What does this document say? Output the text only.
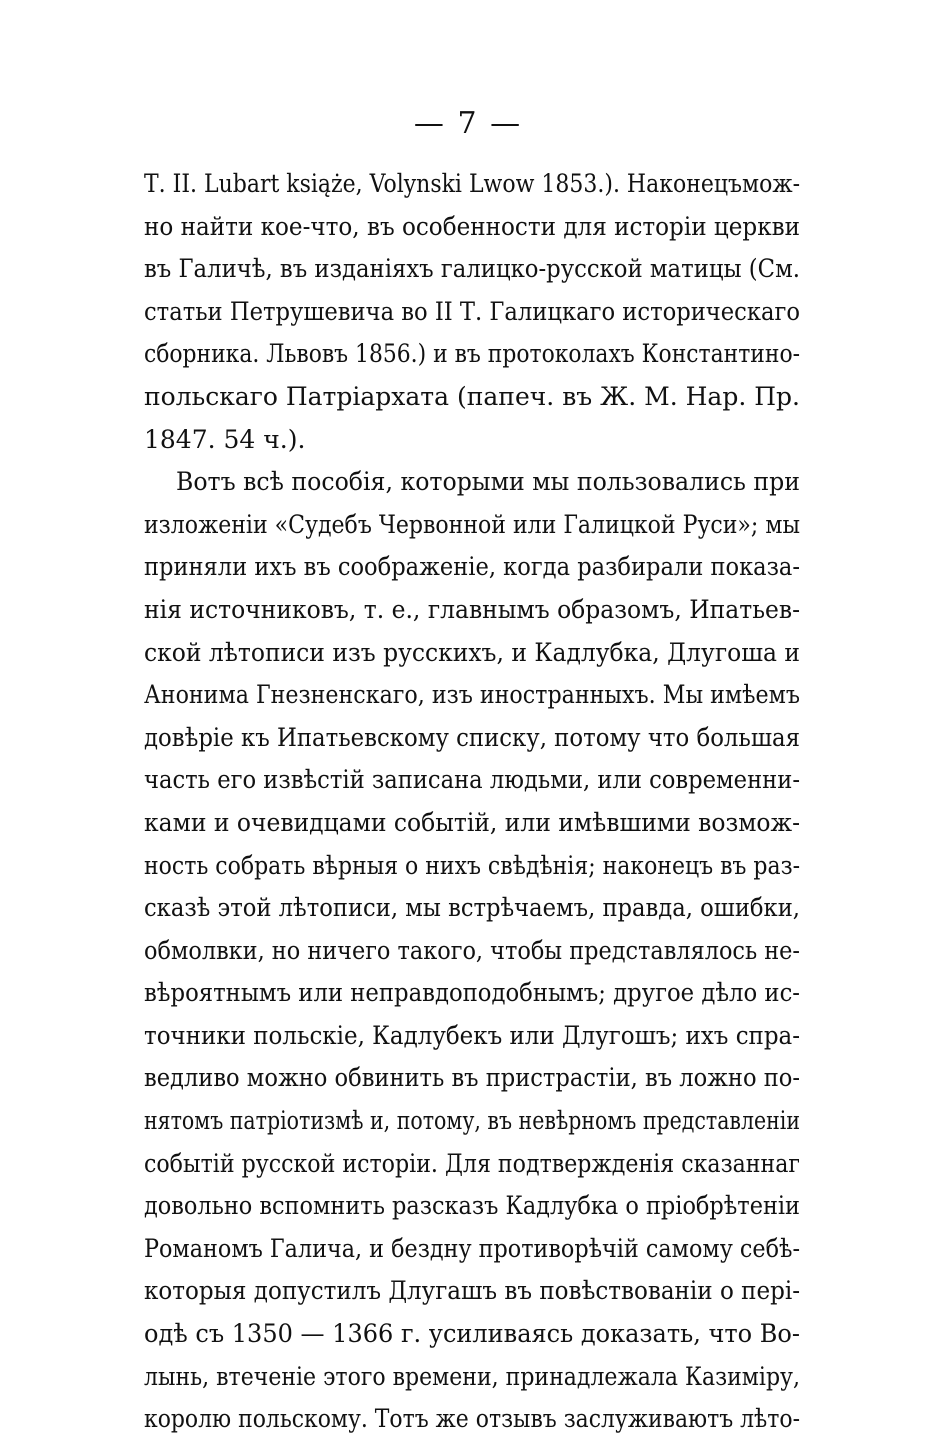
— 7 —
Т. II. Lubart książe, Volynski Lwow 1853.). Наконецъмож-
но найти кое-что, въ особенности для исторіи церкви
въ Галичѣ, въ изданіяхъ галицко-русской матицы (См.
статьи Петрушевича во II Т. Галицкаго историческаго
сборника. Львовъ 1856.) и въ протоколахъ Константино-
польскаго Патріархата (папеч. въ Ж. М. Нар. Пр.
1847. 54 ч.).
Вотъ всѣ пособія, которыми мы пользовались при
изложеніи «Судебъ Червонной или Галицкой Руси»; мы
приняли ихъ въ соображеніе, когда разбирали показа-
нія источниковъ, т. е., главнымъ образомъ, Ипатьев-
ской лѣтописи изъ русскихъ, и Кадлубка, Длугоша и
Анонима Гнезненскаго, изъ иностранныхъ. Мы имѣемъ
довѣріе къ Ипатьевскому списку, потому что большая
часть его извѣстій записана людьми, или современни-
ками и очевидцами событій, или имѣвшими возмож-
ность собрать вѣрныя о нихъ свѣдѣнія; наконецъ въ раз-
сказѣ этой лѣтописи, мы встрѣчаемъ, правда, ошибки,
обмолвки, но ничего такого, чтобы представлялось не-
вѣроятнымъ или неправдоподобнымъ; другое дѣло ис-
точники польскіе, Кадлубекъ или Длугошъ; ихъ спра-
ведливо можно обвинить въ пристрастіи, въ ложно по-
нятомъ патріотизмѣ и, потому, въ невѣрномъ представленіи
событій русской исторіи. Для подтвержденія сказаннаг
довольно вспомнить разсказъ Кадлубка о пріобрѣтеніи
Романомъ Галича, и бездну противорѣчій самому себѣ-
которыя допустилъ Длугашъ въ повѣствованіи о пері-
одѣ съ 1350 — 1366 г. усиливаясь доказать, что Во-
лынь, втеченіе этого времени, принадлежала Казиміру,
королю польскому. Тотъ же отзывъ заслуживаютъ лѣто-
